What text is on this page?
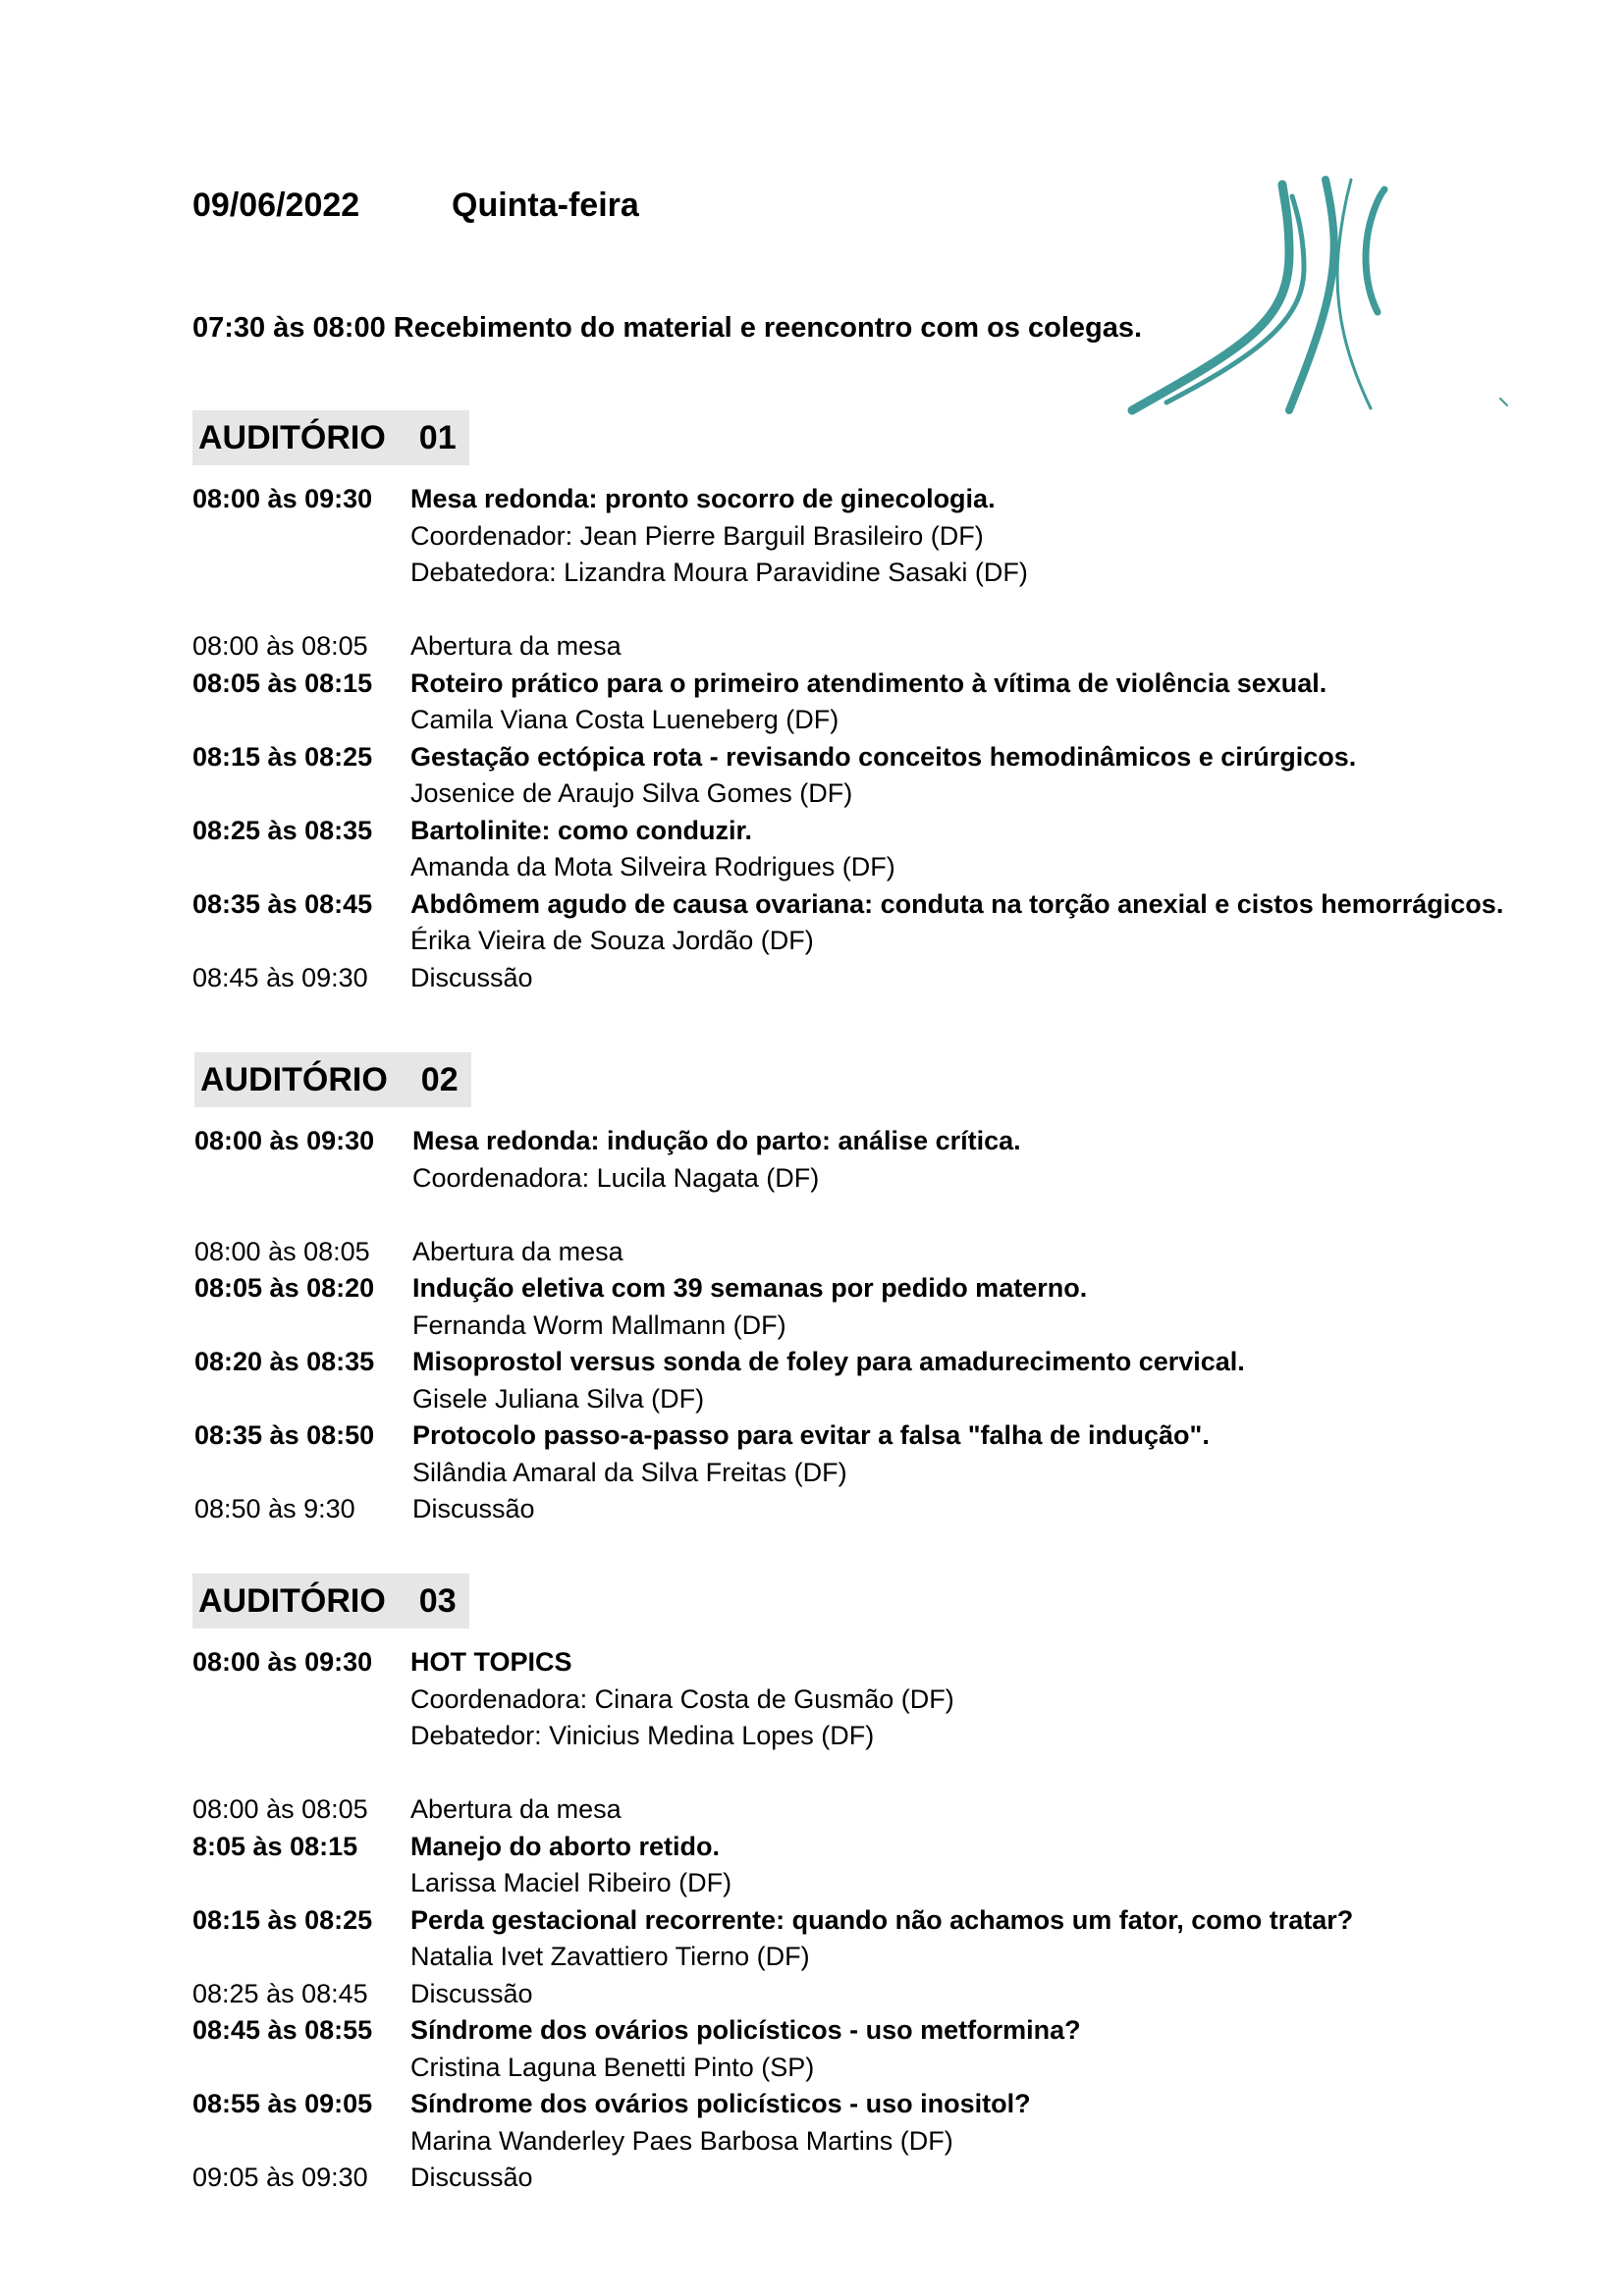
09/06/2022	Quinta-feira
07:30 às 08:00 Recebimento do material e reencontro com os colegas.
AUDITÓRIO 01
08:00 às 09:30	Mesa redonda: pronto socorro de ginecologia.
Coordenador: Jean Pierre Barguil Brasileiro (DF)
Debatedora: Lizandra Moura Paravidine Sasaki (DF)
08:00 às 08:05	Abertura da mesa
08:05 às 08:15	Roteiro prático para o primeiro atendimento à vítima de violência sexual.
Camila Viana Costa Lueneberg (DF)
08:15 às 08:25	Gestação ectópica rota - revisando conceitos hemodinâmicos e cirúrgicos.
Josenice de Araujo Silva Gomes (DF)
08:25 às 08:35	Bartolinite: como conduzir.
Amanda da Mota Silveira Rodrigues (DF)
08:35 às 08:45	Abdômem agudo de causa ovariana: conduta na torção anexial e cistos hemorrágicos.
Érika Vieira de Souza Jordão (DF)
08:45 às 09:30	Discussão
AUDITÓRIO 02
08:00 às 09:30	Mesa redonda: indução do parto: análise crítica.
Coordenadora: Lucila Nagata (DF)
08:00 às 08:05	Abertura da mesa
08:05 às 08:20	Indução eletiva com 39 semanas por pedido materno.
Fernanda Worm Mallmann (DF)
08:20 às 08:35	Misoprostol versus sonda de foley para amadurecimento cervical.
Gisele Juliana Silva (DF)
08:35 às 08:50	Protocolo passo-a-passo para evitar a falsa "falha de indução".
Silândia Amaral da Silva Freitas (DF)
08:50 às 9:30	Discussão
AUDITÓRIO 03
08:00 às 09:30	HOT TOPICS
Coordenadora: Cinara Costa de Gusmão (DF)
Debatedor: Vinicius Medina Lopes (DF)
08:00 às 08:05	Abertura da mesa
8:05 às 08:15	Manejo do aborto retido.
Larissa Maciel Ribeiro (DF)
08:15 às 08:25	Perda gestacional recorrente: quando não achamos um fator, como tratar?
Natalia Ivet Zavattiero Tierno (DF)
08:25 às 08:45	Discussão
08:45 às 08:55	Síndrome dos ovários policísticos - uso metformina?
Cristina Laguna Benetti Pinto (SP)
08:55 às 09:05	Síndrome dos ovários policísticos - uso inositol?
Marina Wanderley Paes Barbosa Martins (DF)
09:05 às 09:30	Discussão
